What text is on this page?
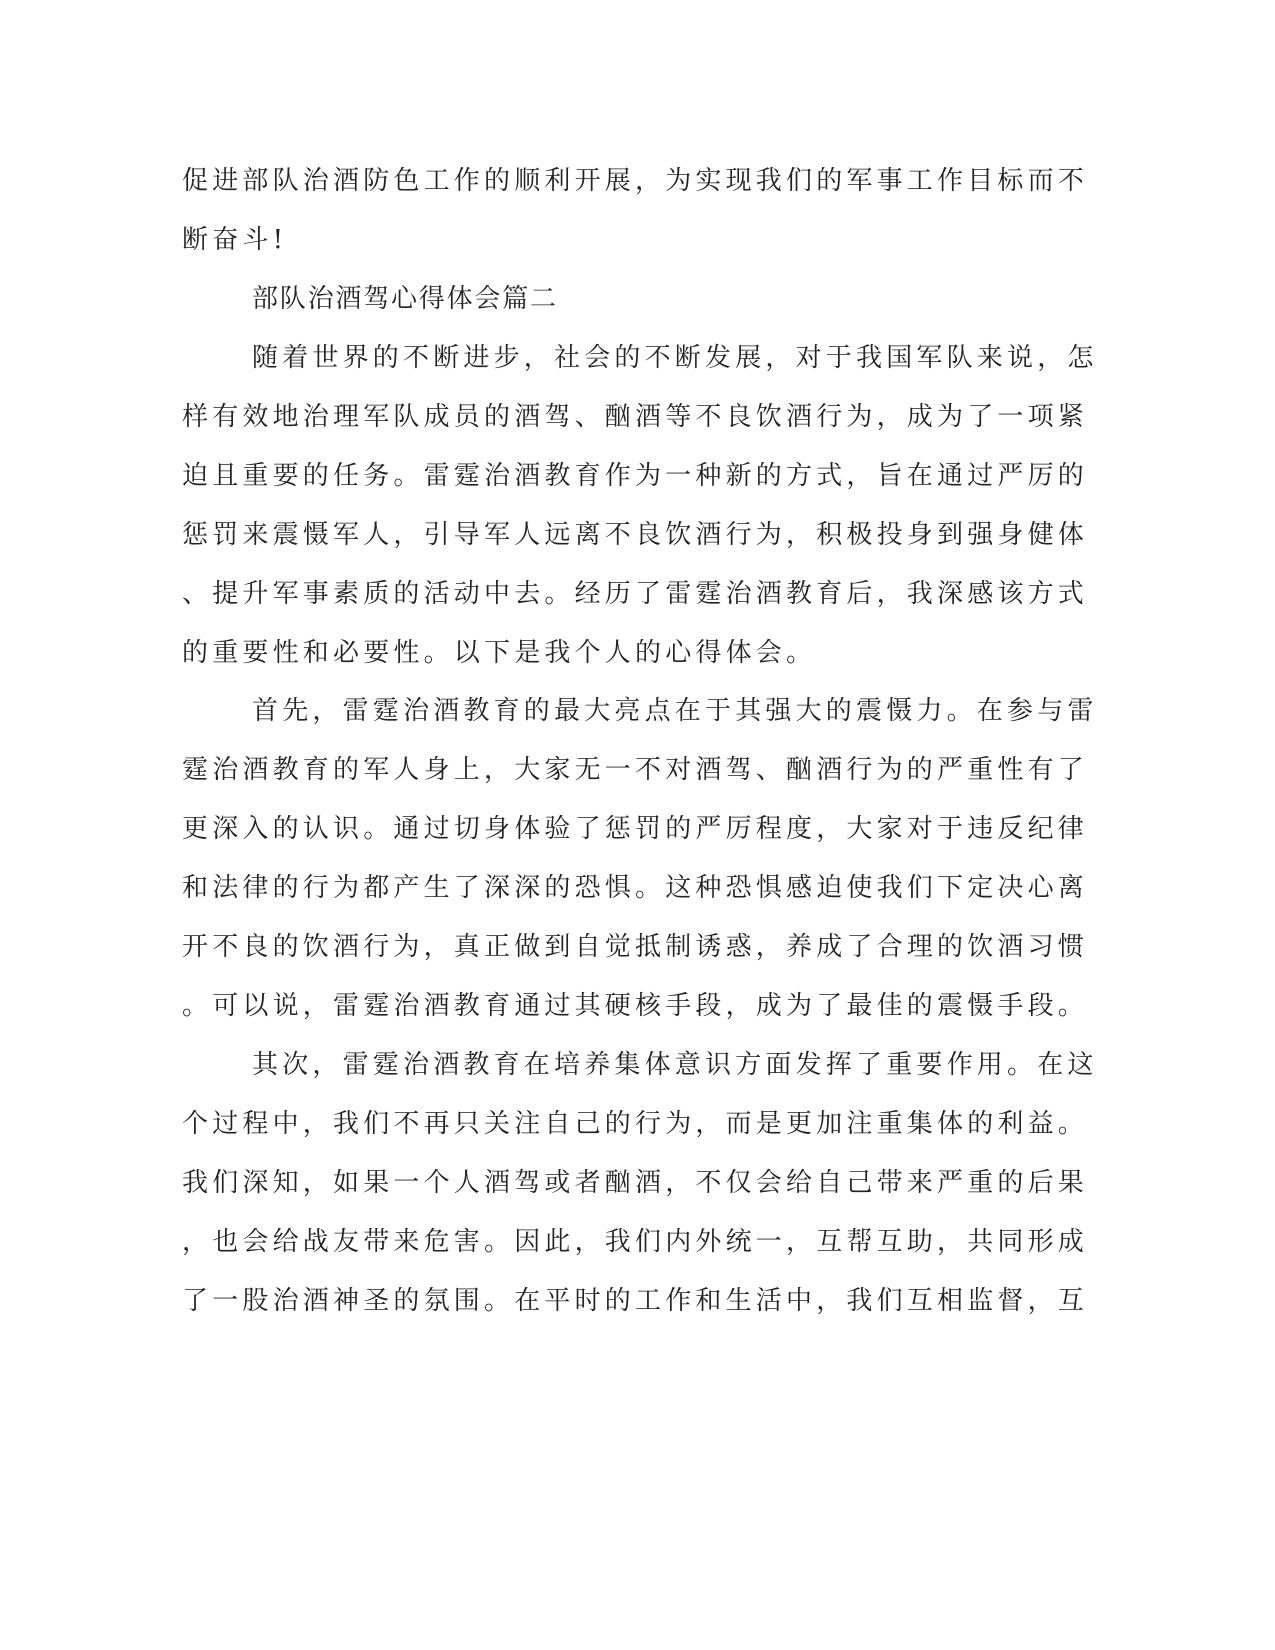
促进部队治酒防色工作的顺利开展，为实现我们的军事工作目标而不
断奋斗!
部队治酒驾心得体会篇二
随着世界的不断进步，社会的不断发展，对于我国军队来说，怎
样有效地治理军队成员的酒驾、酗酒等不良饮酒行为，成为了一项紧
迫且重要的任务。雷霆治酒教育作为一种新的方式，旨在通过严厉的
惩罚来震慑军人，引导军人远离不良饮酒行为，积极投身到强身健体
、提升军事素质的活动中去。经历了雷霆治酒教育后，我深感该方式
的重要性和必要性。以下是我个人的心得体会。
首先，雷霆治酒教育的最大亮点在于其强大的震慑力。在参与雷
霆治酒教育的军人身上，大家无一不对酒驾、酗酒行为的严重性有了
更深入的认识。通过切身体验了惩罚的严厉程度，大家对于违反纪律
和法律的行为都产生了深深的恐惧。这种恐惧感迫使我们下定决心离
开不良的饮酒行为，真正做到自觉抵制诱惑，养成了合理的饮酒习惯
。可以说，雷霆治酒教育通过其硬核手段，成为了最佳的震慑手段。
其次，雷霆治酒教育在培养集体意识方面发挥了重要作用。在这
个过程中，我们不再只关注自己的行为，而是更加注重集体的利益。
我们深知，如果一个人酒驾或者酗酒，不仅会给自己带来严重的后果
，也会给战友带来危害。因此，我们内外统一，互帮互助，共同形成
了一股治酒神圣的氛围。在平时的工作和生活中，我们互相监督，互
